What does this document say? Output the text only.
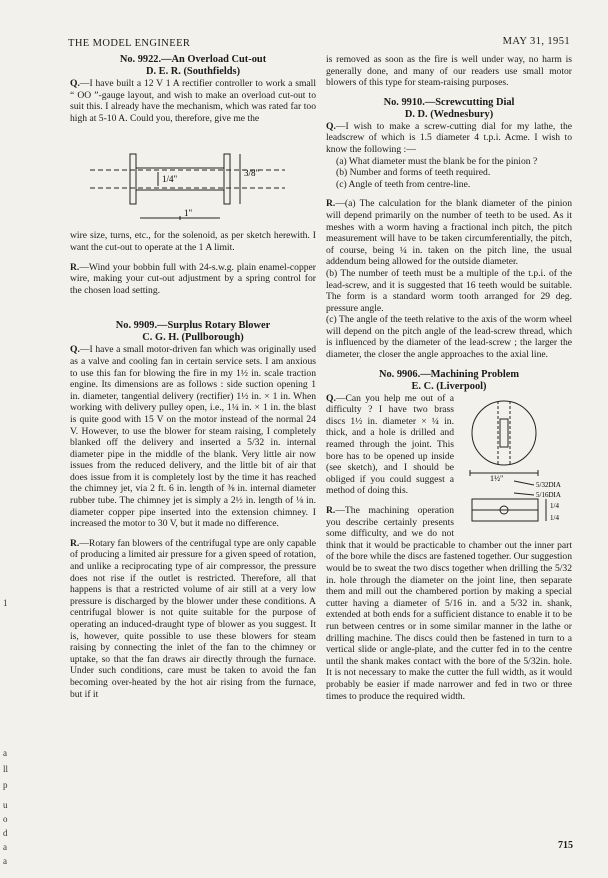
1
a
ll
p
u
o
d
a
a
THE MODEL ENGINEER	MAY 31, 1951
No. 9922.—An Overload Cut-out
D. E. R. (Southfields)

Q.—I have built a 12 V 1 A rectifier controller to work a small “ OO ”-gauge layout, and wish to make an overload cut-out to suit this. I already have the mechanism, which was rated far too high at 5-10 A. Could you, therefore, give me the

1/4"
3/8"
1"

wire size, turns, etc., for the solenoid, as per sketch herewith. I want the cut-out to operate at the 1 A limit.

R.—Wind your bobbin full with 24-s.w.g. plain enamel-copper wire, making your cut-out adjustment by a spring control for the chosen load setting.

No. 9909.—Surplus Rotary Blower
C. G. H. (Pullborough)

Q.—I have a small motor-driven fan which was originally used as a valve and cooling fan in certain service sets. I am anxious to use this fan for blowing the fire in my 1½ in. scale traction engine. Its dimensions are as follows : side suction opening 1 in. diameter, tangential delivery (rectifier) 1½ in. × 1 in. When working with delivery pulley open, i.e., 1¼ in. × 1 in. the blast is quite good with 15 V on the motor instead of the normal 24 V. However, to use the blower for steam raising, I completely blanked off the delivery and inserted a 5/32 in. internal diameter pipe in the middle of the blank. Very little air now issues from the reduced delivery, and the little bit of air that does issue from it is completely lost by the time it has reached the chimney jet, via 2 ft. 6 in. length of ⅜ in. internal diameter rubber tube. The chimney jet is simply a 2½ in. length of ⅛ in. diameter copper pipe inserted into the extension chimney. I increased the motor to 30 V, but it made no difference.

R.—Rotary fan blowers of the centrifugal type are only capable of producing a limited air pressure for a given speed of rotation, and unlike a reciprocating type of air compressor, the pressure does not rise if the outlet is restricted. Therefore, all that happens is that a restricted volume of air still at a very low pressure is discharged by the blower under these conditions. A centrifugal blower is not quite suitable for the purpose of operating an induced-draught type of blower as you suggest. It is, however, quite possible to use these blowers for steam raising by connecting the inlet of the fan to the chimney or uptake, so that the fan draws air directly through the furnace. Under such conditions, care must be taken to avoid the fan becoming over-heated by the hot air rising from the furnace, but if it

is removed as soon as the fire is well under way, no harm is generally done, and many of our readers use small motor blowers of this type for steam-raising purposes.

No. 9910.—Screwcutting Dial
D. D. (Wednesbury)

Q.—I wish to make a screw-cutting dial for my lathe, the leadscrew of which is 1.5 diameter 4 t.p.i. Acme. I wish to know the following :—

(a) What diameter must the blank be for the pinion ?

(b) Number and forms of teeth required.

(c) Angle of teeth from centre-line.

R.—(a) The calculation for the blank diameter of the pinion will depend primarily on the number of teeth to be used. As it meshes with a worm having a fractional inch pitch, the pitch measurement will have to be taken circumferentially, the pitch, of course, being ¼ in. taken on the pitch line, the usual addendum being allowed for the outside diameter.

(b) The number of teeth must be a multiple of the t.p.i. of the lead-screw, and it is suggested that 16 teeth would be suitable. The form is a standard worm tooth arranged for 29 deg. pressure angle.

(c) The angle of the teeth relative to the axis of the worm wheel will depend on the pitch angle of the lead-screw thread, which is influenced by the diameter of the lead-screw ; the larger the diameter, the closer the angle approaches to the axial line.

No. 9906.—Machining Problem
E. C. (Liverpool)
1½"
5/32DIA
5/16DIA
1/4
1/4

Q.—Can you help me out of a difficulty ? I have two brass discs 1½ in. diameter × ¼ in. thick, and a hole is drilled and reamed through the joint. This bore has to be opened up inside (see sketch), and I should be obliged if you could suggest a method of doing this.

R.—The machining operation you describe certainly presents some difficulty, and we do not think that it would be practicable to chamber out the inner part of the bore while the discs are fastened together. Our suggestion would be to sweat the two discs together when drilling the 5/32 in. hole through the diameter on the joint line, then separate them and mill out the chambered portion by making a special cutter having a diameter of 5/16 in. and a 5/32 in. shank, extended at both ends for a sufficient distance to enable it to be run between centres or in some similar manner in the lathe or drilling machine. The discs could then be fastened in turn to a vertical slide or angle-plate, and the cutter fed in to the centre until the shank makes contact with the bore of the 5/32in. hole. It is not necessary to make the cutter the full width, as it would probably be easier if made narrower and fed in two or three times to produce the required width.

715
